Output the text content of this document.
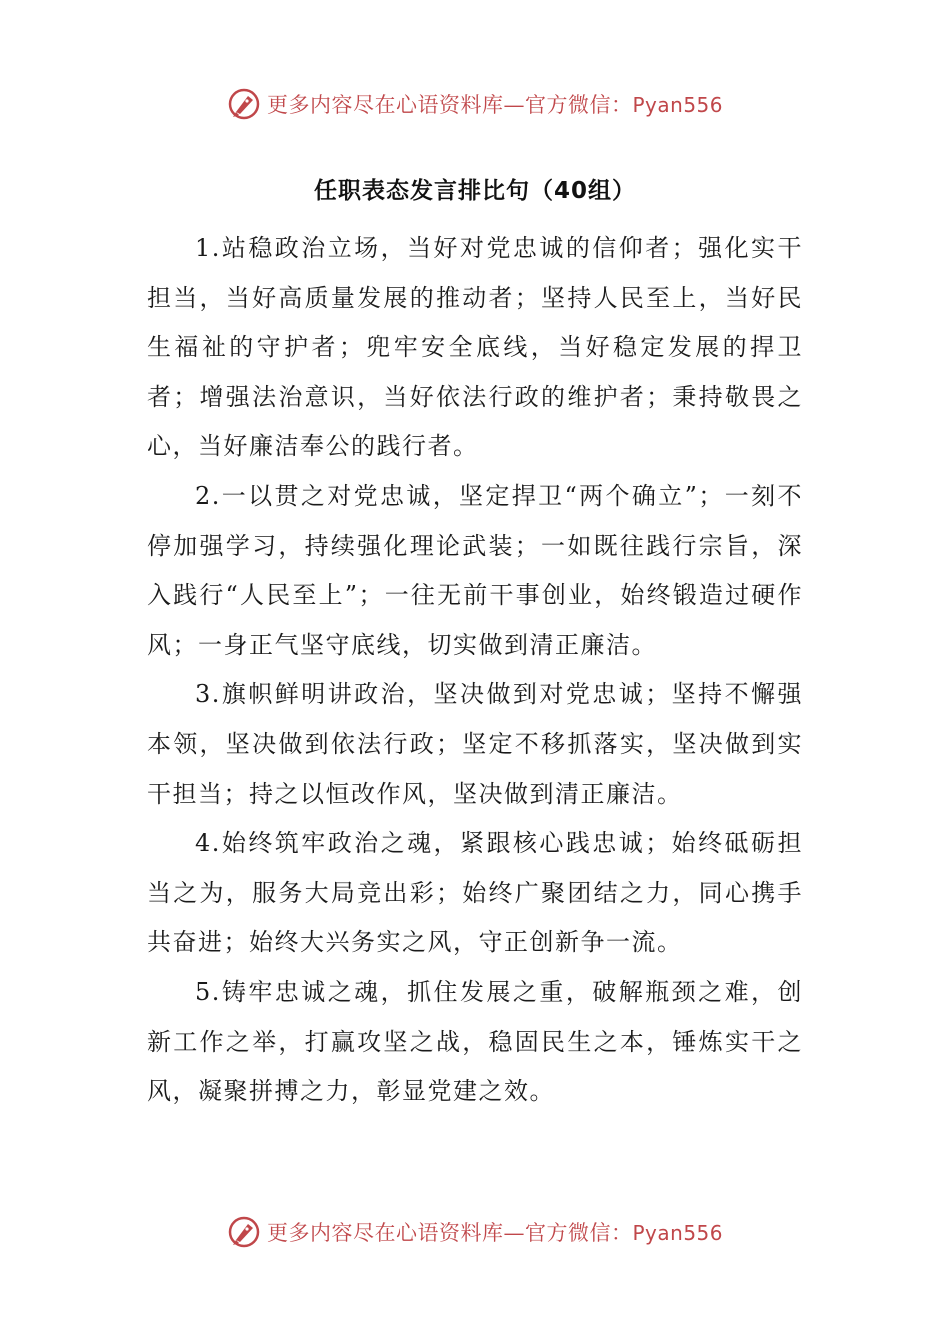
更多内容尽在心语资料库—官方微信：Pyan556
任职表态发言排比句（40组）

1.站稳政治立场，当好对党忠诚的信仰者；强化实干担当，当好高质量发展的推动者；坚持人民至上，当好民生福祉的守护者；兜牢安全底线，当好稳定发展的捍卫者；增强法治意识，当好依法行政的维护者；秉持敬畏之心，当好廉洁奉公的践行者。

2.一以贯之对党忠诚，坚定捍卫“两个确立”；一刻不停加强学习，持续强化理论武装；一如既往践行宗旨，深入践行“人民至上”；一往无前干事创业，始终锻造过硬作风；一身正气坚守底线，切实做到清正廉洁。

3.旗帜鲜明讲政治，坚决做到对党忠诚；坚持不懈强本领，坚决做到依法行政；坚定不移抓落实，坚决做到实干担当；持之以恒改作风，坚决做到清正廉洁。

4.始终筑牢政治之魂，紧跟核心践忠诚；始终砥砺担当之为，服务大局竞出彩；始终广聚团结之力，同心携手共奋进；始终大兴务实之风，守正创新争一流。

5.铸牢忠诚之魂，抓住发展之重，破解瓶颈之难，创新工作之举，打赢攻坚之战，稳固民生之本，锤炼实干之风，凝聚拼搏之力，彰显党建之效。

更多内容尽在心语资料库—官方微信：Pyan556
